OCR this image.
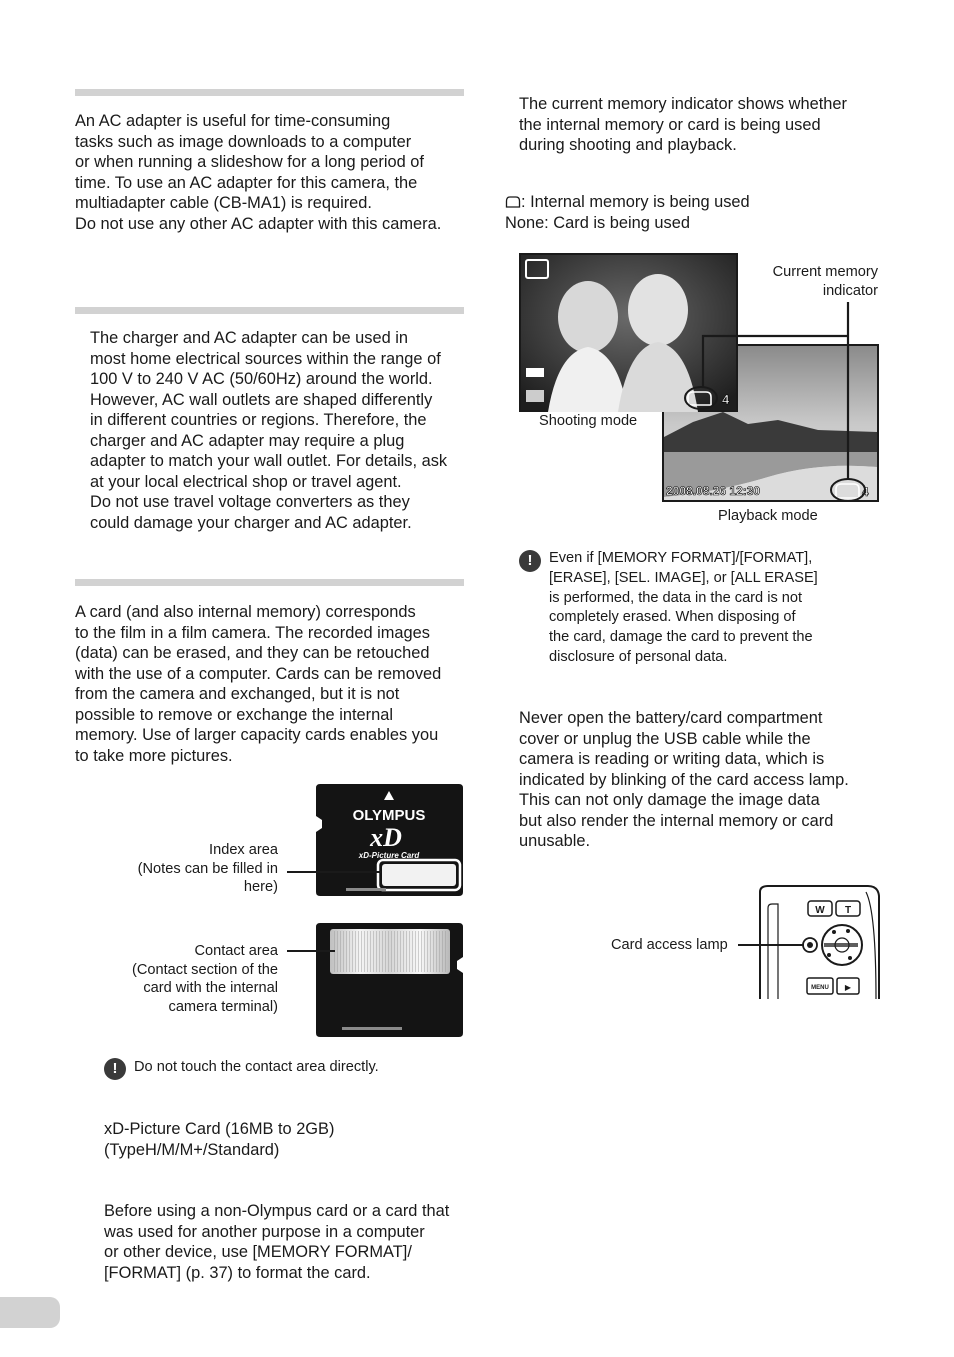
An AC adapter is useful for time-consuming
tasks such as image downloads to a computer
or when running a slideshow for a long period of
time. To use an AC adapter for this camera, the
multiadapter cable (CB-MA1) is required.
Do not use any other AC adapter with this camera.
The charger and AC adapter can be used in
most home electrical sources within the range of
100 V to 240 V AC (50/60Hz) around the world.
However, AC wall outlets are shaped differently
in different countries or regions. Therefore, the
charger and AC adapter may require a plug
adapter to match your wall outlet. For details, ask
at your local electrical shop or travel agent.
Do not use travel voltage converters as they
could damage your charger and AC adapter.
A card (and also internal memory) corresponds
to the film in a film camera. The recorded images
(data) can be erased, and they can be retouched
with the use of a computer. Cards can be removed
from the camera and exchanged, but it is not
possible to remove or exchange the internal
memory. Use of larger capacity cards enables you
to take more pictures.
OLYMPUS
xD
xD-Picture Card
Index area
(Notes can be filled in
here)
Contact area
(Contact section of the
card with the internal
camera terminal)
!	Do not touch the contact area directly.
xD-Picture Card (16MB to 2GB)
(TypeH/M/M+/Standard)
Before using a non-Olympus card or a card that
was used for another purpose in a computer
or other device, use [MEMORY FORMAT]/
[FORMAT] (p. 37) to format the card.
The current memory indicator shows whether
the internal memory or card is being used
during shooting and playback.
: Internal memory is being used
None: Card is being used
2008.08.26 12:30	4
4
Current memory
indicator
Shooting mode
Playback mode
!	Even if [MEMORY FORMAT]/[FORMAT],
[ERASE], [SEL. IMAGE], or [ALL ERASE]
is performed, the data in the card is not
completely erased. When disposing of
the card, damage the card to prevent the
disclosure of personal data.
Never open the battery/card compartment
cover or unplug the USB cable while the
camera is reading or writing data, which is
indicated by blinking of the card access lamp.
This can not only damage the image data
but also render the internal memory or card
unusable.
W T
MENU ▶
Card access lamp
